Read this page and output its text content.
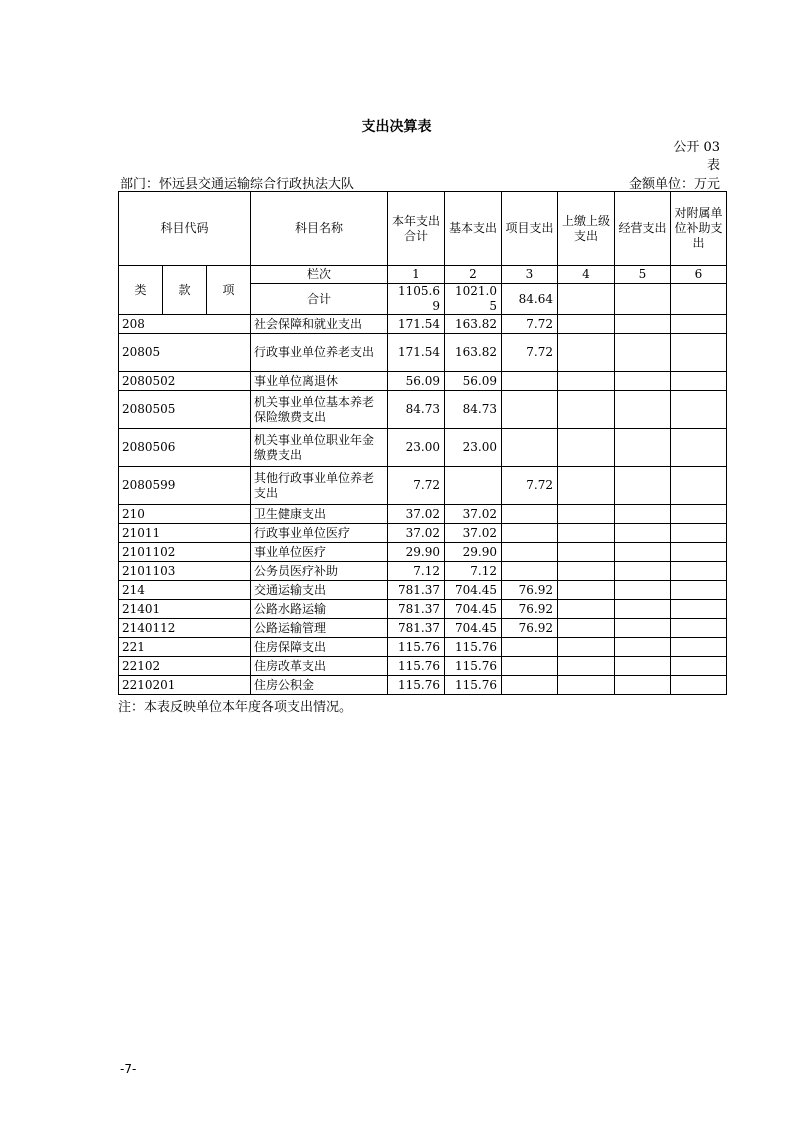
支出决算表
公开 03
表
部门：怀远县交通运输综合行政执法大队	金额单位：万元
科目代码			科目名称	本年支出合计	基本支出	项目支出	上缴上级支出	经营支出	对附属单位补助支出
类	款	项	栏次	1	2	3	4	5	6
			合计	1105.69	1021.05	84.64			
208			社会保障和就业支出	171.54	163.82	7.72			
20805			行政事业单位养老支出	171.54	163.82	7.72			
2080502			事业单位离退休	56.09	56.09				
2080505			机关事业单位基本养老保险缴费支出	84.73	84.73				
2080506			机关事业单位职业年金缴费支出	23.00	23.00				
2080599			其他行政事业单位养老支出	7.72		7.72			
210			卫生健康支出	37.02	37.02				
21011			行政事业单位医疗	37.02	37.02				
2101102			事业单位医疗	29.90	29.90				
2101103			公务员医疗补助	7.12	7.12				
214			交通运输支出	781.37	704.45	76.92			
21401			公路水路运输	781.37	704.45	76.92			
2140112			公路运输管理	781.37	704.45	76.92			
221			住房保障支出	115.76	115.76				
22102			住房改革支出	115.76	115.76				
2210201			住房公积金	115.76	115.76				
注：本表反映单位本年度各项支出情况。
-7-
